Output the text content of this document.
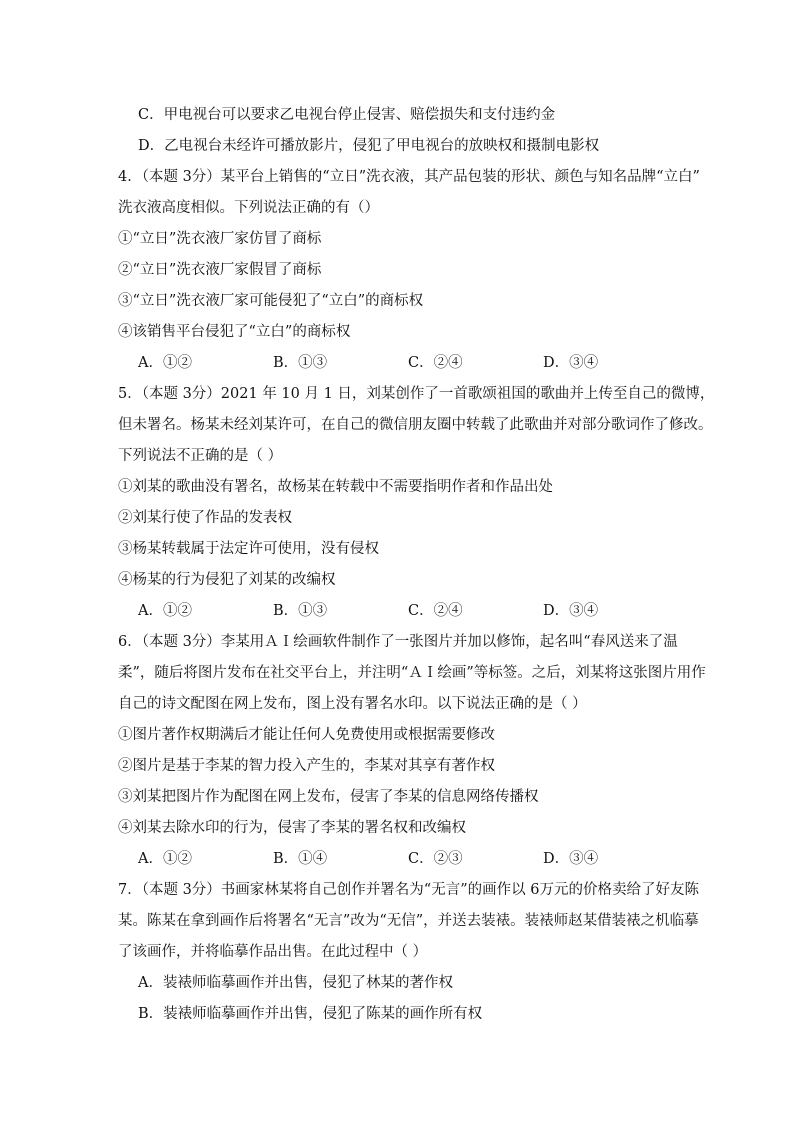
C．甲电视台可以要求乙电视台停止侵害、赔偿损失和支付违约金
D．乙电视台未经许可播放影片，侵犯了甲电视台的放映权和摄制电影权
4．（本题 3分）某平台上销售的“立日”洗衣液，其产品包装的形状、颜色与知名品牌“立白”
洗衣液高度相似。下列说法正确的有（）
①“立日”洗衣液厂家仿冒了商标
②“立日”洗衣液厂家假冒了商标
③“立日”洗衣液厂家可能侵犯了“立白”的商标权
④该销售平台侵犯了“立白”的商标权
A．①②	B．①③	C．②④	D．③④
5．（本题 3分）2021 年 10 月 1 日，刘某创作了一首歌颂祖国的歌曲并上传至自己的微博，
但未署名。杨某未经刘某许可，在自己的微信朋友圈中转载了此歌曲并对部分歌词作了修改。
下列说法不正确的是（ ）
①刘某的歌曲没有署名，故杨某在转载中不需要指明作者和作品出处
②刘某行使了作品的发表权
③杨某转载属于法定许可使用，没有侵权
④杨某的行为侵犯了刘某的改编权
A．①②	B．①③	C．②④	D．③④
6．（本题 3分）李某用ＡＩ绘画软件制作了一张图片并加以修饰，起名叫“春风送来了温
柔”，随后将图片发布在社交平台上，并注明“ＡＩ绘画”等标签。之后，刘某将这张图片用作
自己的诗文配图在网上发布，图上没有署名水印。以下说法正确的是（ ）
①图片著作权期满后才能让任何人免费使用或根据需要修改
②图片是基于李某的智力投入产生的，李某对其享有著作权
③刘某把图片作为配图在网上发布，侵害了李某的信息网络传播权
④刘某去除水印的行为，侵害了李某的署名权和改编权
A．①②	B．①④	C．②③	D．③④
7．（本题 3分）书画家林某将自己创作并署名为“无言”的画作以 6万元的价格卖给了好友陈
某。陈某在拿到画作后将署名“无言”改为“无信”，并送去装裱。装裱师赵某借装裱之机临摹
了该画作，并将临摹作品出售。在此过程中（ ）
A．装裱师临摹画作并出售，侵犯了林某的著作权
B．装裱师临摹画作并出售，侵犯了陈某的画作所有权
